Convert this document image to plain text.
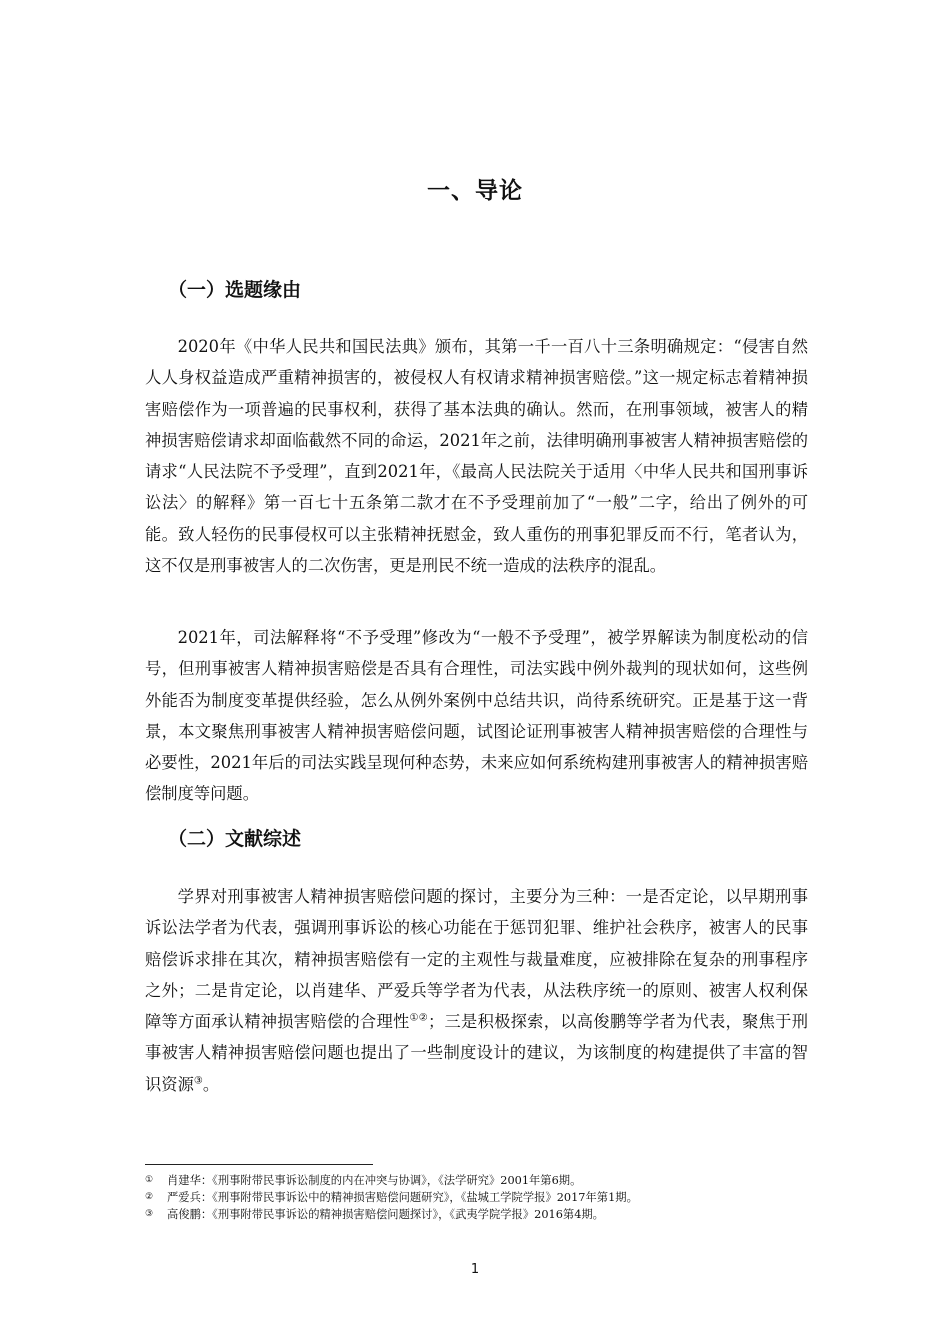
一、导论
（一）选题缘由

2020年《中华人民共和国民法典》颁布，其第一千一百八十三条明确规定：“侵害自然人人身权益造成严重精神损害的，被侵权人有权请求精神损害赔偿。”这一规定标志着精神损害赔偿作为一项普遍的民事权利，获得了基本法典的确认。然而，在刑事领域，被害人的精神损害赔偿请求却面临截然不同的命运，2021年之前，法律明确刑事被害人精神损害赔偿的请求“人民法院不予受理”，直到2021年，《最高人民法院关于适用〈中华人民共和国刑事诉讼法〉的解释》第一百七十五条第二款才在不予受理前加了“一般”二字，给出了例外的可能。致人轻伤的民事侵权可以主张精神抚慰金，致人重伤的刑事犯罪反而不行，笔者认为，这不仅是刑事被害人的二次伤害，更是刑民不统一造成的法秩序的混乱。

2021年，司法解释将“不予受理”修改为“一般不予受理”，被学界解读为制度松动的信号，但刑事被害人精神损害赔偿是否具有合理性，司法实践中例外裁判的现状如何，这些例外能否为制度变革提供经验，怎么从例外案例中总结共识，尚待系统研究。正是基于这一背景，本文聚焦刑事被害人精神损害赔偿问题，试图论证刑事被害人精神损害赔偿的合理性与必要性，2021年后的司法实践呈现何种态势，未来应如何系统构建刑事被害人的精神损害赔偿制度等问题。

（二）文献综述

学界对刑事被害人精神损害赔偿问题的探讨，主要分为三种：一是否定论，以早期刑事诉讼法学者为代表，强调刑事诉讼的核心功能在于惩罚犯罪、维护社会秩序，被害人的民事赔偿诉求排在其次，精神损害赔偿有一定的主观性与裁量难度，应被排除在复杂的刑事程序之外；二是肯定论，以肖建华、严爱兵等学者为代表，从法秩序统一的原则、被害人权利保障等方面承认精神损害赔偿的合理性①②；三是积极探索，以高俊鹏等学者为代表，聚焦于刑事被害人精神损害赔偿问题也提出了一些制度设计的建议，为该制度的构建提供了丰富的智识资源③。

① 肖建华：《刑事附带民事诉讼制度的内在冲突与协调》，《法学研究》2001年第6期。
② 严爱兵：《刑事附带民事诉讼中的精神损害赔偿问题研究》，《盐城工学院学报》2017年第1期。
③ 高俊鹏：《刑事附带民事诉讼的精神损害赔偿问题探讨》，《武夷学院学报》2016第4期。
1
